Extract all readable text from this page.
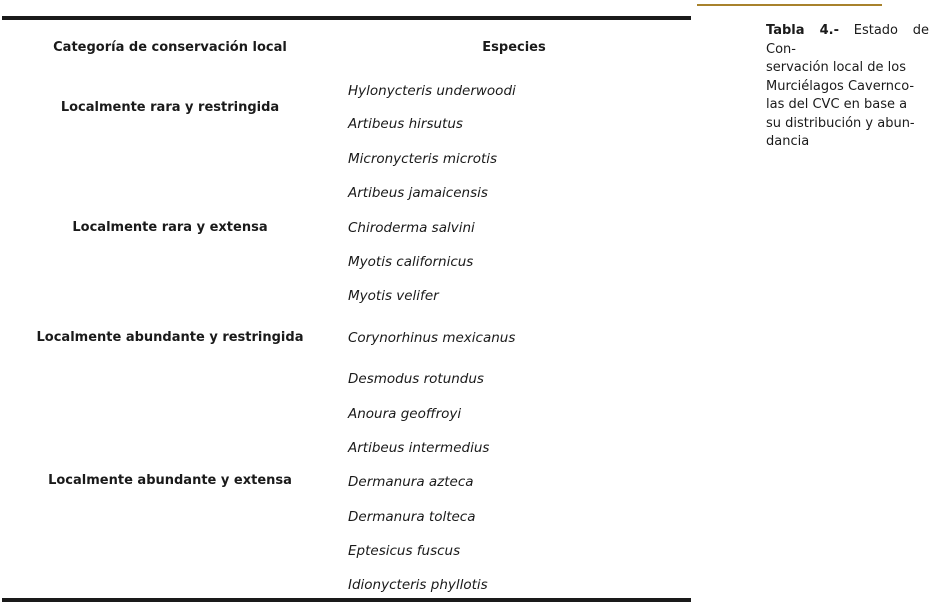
Categoría de conservación local	Especies
Localmente rara y restringida
Localmente rara y extensa
Localmente abundante y restringida
Localmente abundante y extensa
Hylonycteris underwoodi
Artibeus hirsutus
Micronycteris microtis
Artibeus jamaicensis
Chiroderma salvini
Myotis californicus
Myotis velifer
Corynorhinus mexicanus
Desmodus rotundus
Anoura geoffroyi
Artibeus intermedius
Dermanura azteca
Dermanura tolteca
Eptesicus fuscus
Idionycteris phyllotis
Tabla 4.- Estado de Con-
servación local de los
Murciélagos Cavernco-
las del CVC en base a
su distribución y abun-
dancia
